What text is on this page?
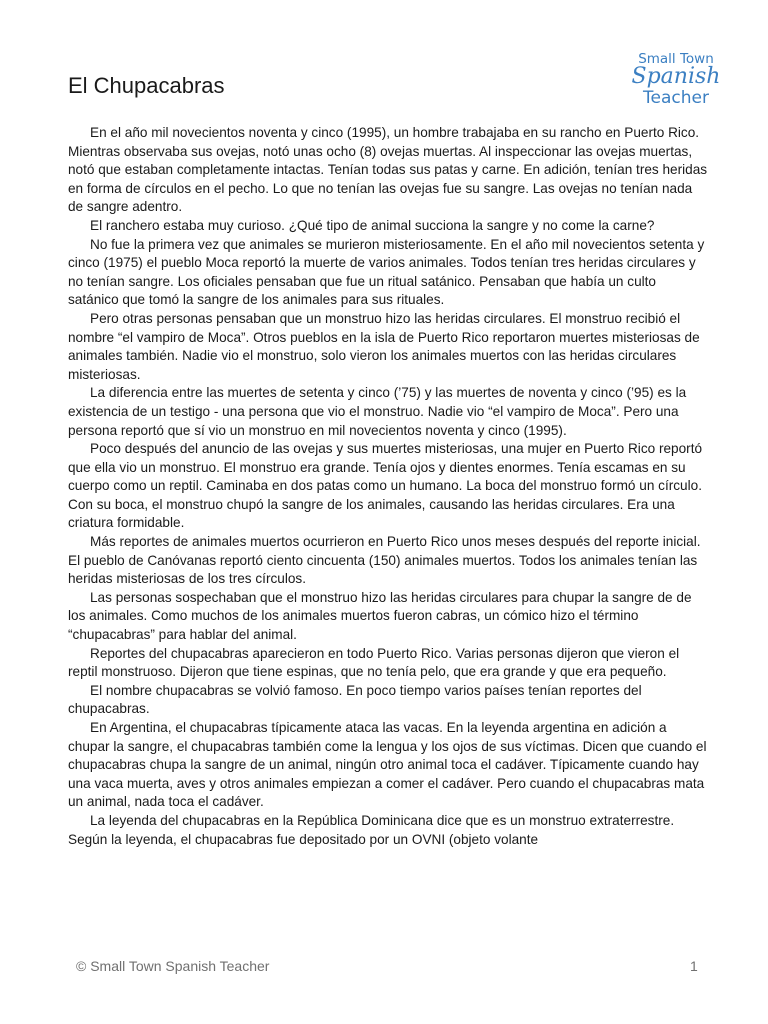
Small Town
Spanish
Teacher
El Chupacabras

En el año mil novecientos noventa y cinco (1995), un hombre trabajaba en su rancho en Puerto Rico. Mientras observaba sus ovejas, notó unas ocho (8) ovejas muertas. Al inspeccionar las ovejas muertas, notó que estaban completamente intactas. Tenían todas sus patas y carne. En adición, tenían tres heridas en forma de círculos en el pecho. Lo que no tenían las ovejas fue su sangre. Las ovejas no tenían nada de sangre adentro.

El ranchero estaba muy curioso. ¿Qué tipo de animal succiona la sangre y no come la carne?

No fue la primera vez que animales se murieron misteriosamente. En el año mil novecientos setenta y cinco (1975) el pueblo Moca reportó la muerte de varios animales. Todos tenían tres heridas circulares y no tenían sangre. Los oficiales pensaban que fue un ritual satánico. Pensaban que había un culto satánico que tomó la sangre de los animales para sus rituales.

Pero otras personas pensaban que un monstruo hizo las heridas circulares. El monstruo recibió el nombre “el vampiro de Moca”. Otros pueblos en la isla de Puerto Rico reportaron muertes misteriosas de animales también. Nadie vio el monstruo, solo vieron los animales muertos con las heridas circulares misteriosas.

La diferencia entre las muertes de setenta y cinco (’75) y las muertes de noventa y cinco (’95) es la existencia de un testigo - una persona que vio el monstruo. Nadie vio “el vampiro de Moca”. Pero una persona reportó que sí vio un monstruo en mil novecientos noventa y cinco (1995).

Poco después del anuncio de las ovejas y sus muertes misteriosas, una mujer en Puerto Rico reportó que ella vio un monstruo. El monstruo era grande. Tenía ojos y dientes enormes. Tenía escamas en su cuerpo como un reptil. Caminaba en dos patas como un humano. La boca del monstruo formó un círculo. Con su boca, el monstruo chupó la sangre de los animales, causando las heridas circulares. Era una criatura formidable.

Más reportes de animales muertos ocurrieron en Puerto Rico unos meses después del reporte inicial. El pueblo de Canóvanas reportó ciento cincuenta (150) animales muertos. Todos los animales tenían las heridas misteriosas de los tres círculos.

Las personas sospechaban que el monstruo hizo las heridas circulares para chupar la sangre de de los animales. Como muchos de los animales muertos fueron cabras, un cómico hizo el término “chupacabras” para hablar del animal.

Reportes del chupacabras aparecieron en todo Puerto Rico. Varias personas dijeron que vieron el reptil monstruoso. Dijeron que tiene espinas, que no tenía pelo, que era grande y que era pequeño.

El nombre chupacabras se volvió famoso. En poco tiempo varios países tenían reportes del chupacabras.

En Argentina, el chupacabras típicamente ataca las vacas. En la leyenda argentina en adición a chupar la sangre, el chupacabras también come la lengua y los ojos de sus víctimas. Dicen que cuando el chupacabras chupa la sangre de un animal, ningún otro animal toca el cadáver. Típicamente cuando hay una vaca muerta, aves y otros animales empiezan a comer el cadáver. Pero cuando el chupacabras mata un animal, nada toca el cadáver.

La leyenda del chupacabras en la República Dominicana dice que es un monstruo extraterrestre. Según la leyenda, el chupacabras fue depositado por un OVNI (objeto volante

© Small Town Spanish Teacher	1
